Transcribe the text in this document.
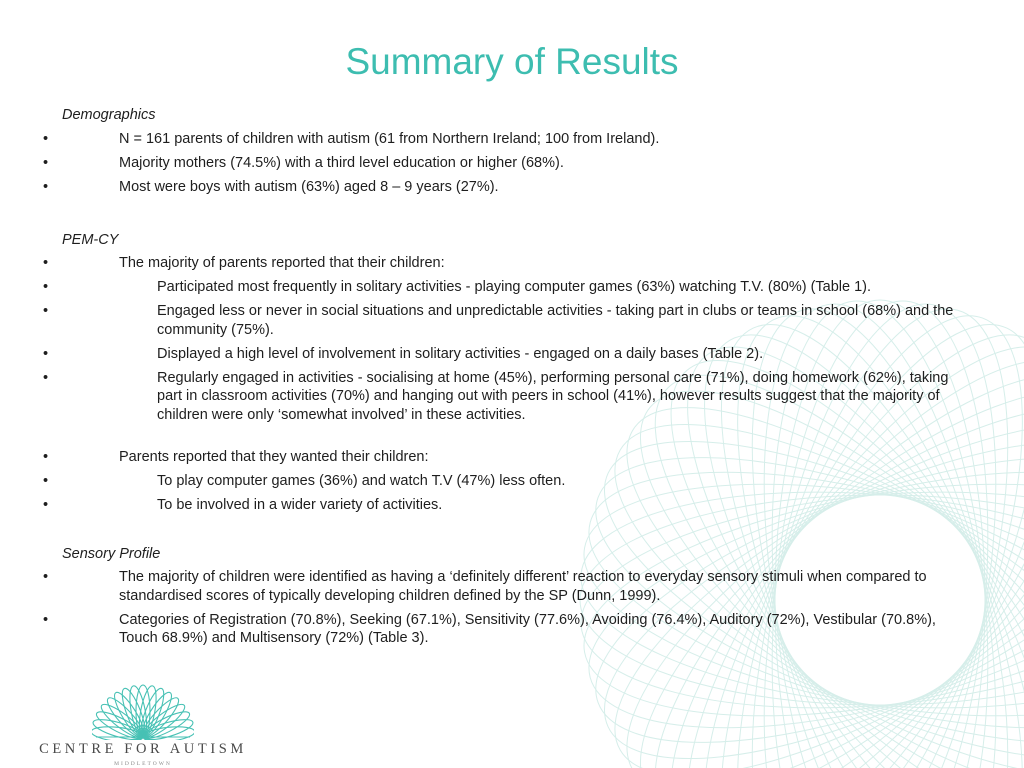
Summary of Results
Demographics
• N = 161 parents of children with autism (61 from Northern Ireland; 100 from Ireland).
• Majority mothers (74.5%) with a third level education or higher (68%).
• Most were boys with autism (63%) aged 8 – 9 years (27%).
PEM-CY
• The majority of parents reported that their children:
• Participated most frequently in solitary activities - playing computer games (63%) watching T.V. (80%) (Table 1).
• Engaged less or never in social situations and unpredictable activities - taking part in clubs or teams in school (68%) and the community (75%).
• Displayed a high level of involvement in solitary activities - engaged on a daily bases (Table 2).
• Regularly engaged in activities - socialising at home (45%), performing personal care (71%), doing homework (62%), taking part in classroom activities (70%) and hanging out with peers in school (41%), however results suggest that the majority of children were only ‘somewhat involved’ in these activities.
• Parents reported that they wanted their children:
• To play computer games (36%) and watch T.V (47%) less often.
• To be involved in a wider variety of activities.
Sensory Profile
• The majority of children were identified as having a ‘definitely different’ reaction to everyday sensory stimuli when compared to standardised scores of typically developing children defined by the SP (Dunn, 1999).
• Categories of Registration (70.8%), Seeking (67.1%), Sensitivity (77.6%), Avoiding (76.4%), Auditory (72%), Vestibular (70.8%), Touch 68.9%) and Multisensory (72%) (Table 3).
CENTRE FOR AUTISM
MIDDLETOWN
